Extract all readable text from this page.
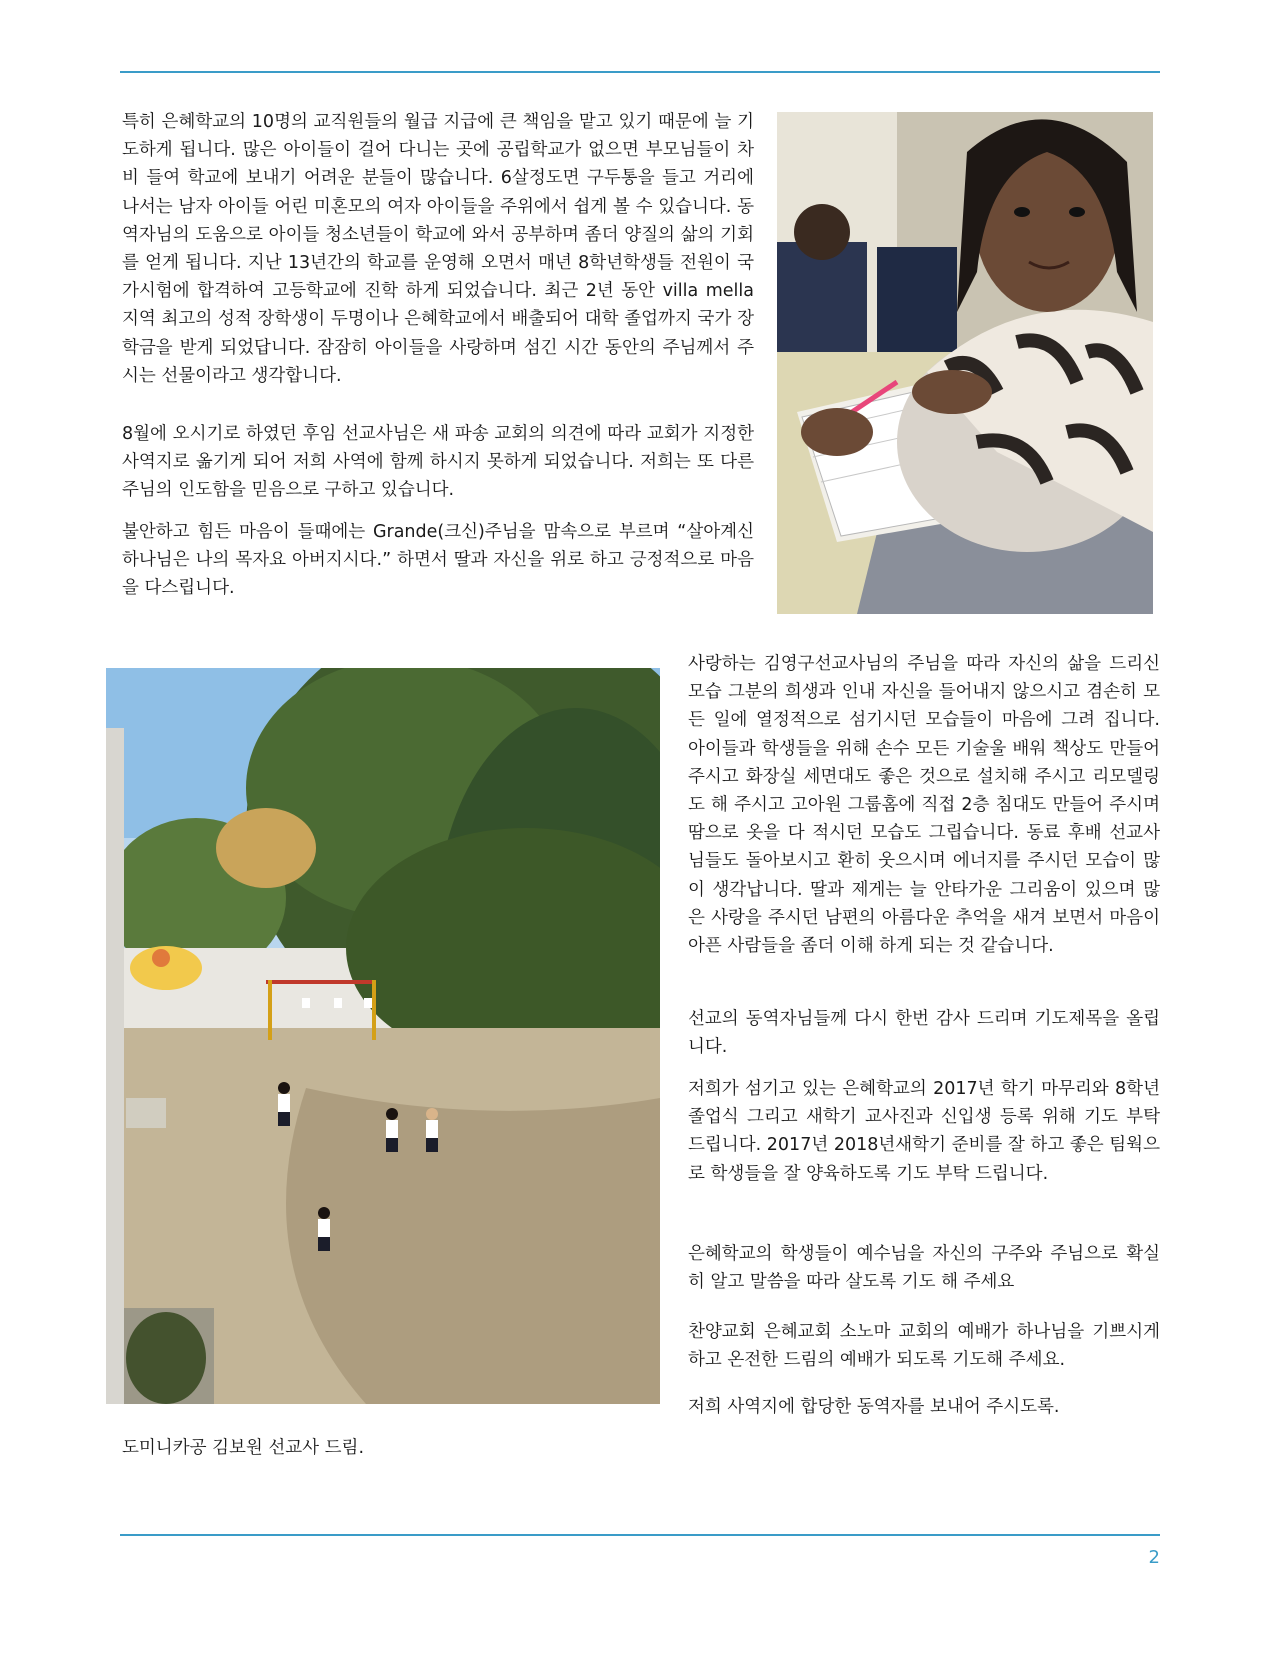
특히 은혜학교의 10명의 교직원들의 월급 지급에 큰 책임을 맡고 있기 때문에 늘 기도하게 됩니다. 많은 아이들이 걸어 다니는 곳에 공립학교가 없으면 부모님들이 차비 들여 학교에 보내기 어려운 분들이 많습니다. 6살정도면 구두통을 들고 거리에 나서는 남자 아이들 어린 미혼모의 여자 아이들을 주위에서 쉽게 볼 수 있습니다. 동역자님의 도움으로 아이들 청소년들이 학교에 와서 공부하며 좀더 양질의 삶의 기회를 얻게 됩니다. 지난 13년간의 학교를 운영해 오면서 매년 8학년학생들 전원이 국가시험에 합격하여 고등학교에 진학 하게 되었습니다. 최근 2년 동안 villa mella 지역 최고의 성적 장학생이 두명이나 은혜학교에서 배출되어 대학 졸업까지 국가 장학금을 받게 되었답니다. 잠잠히 아이들을 사랑하며 섬긴 시간 동안의 주님께서 주시는 선물이라고 생각합니다.

8월에 오시기로 하였던 후임 선교사님은 새 파송 교회의 의견에 따라 교회가 지정한 사역지로 옮기게 되어 저희 사역에 함께 하시지 못하게 되었습니다. 저희는 또 다른 주님의 인도함을 믿음으로 구하고 있습니다.

불안하고 힘든 마음이 들때에는 Grande(크신)주님을 맘속으로 부르며 “살아계신 하나님은 나의 목자요 아버지시다.” 하면서 딸과 자신을 위로 하고 긍정적으로 마음을 다스립니다.

사랑하는 김영구선교사님의 주님을 따라 자신의 삶을 드리신 모습 그분의 희생과 인내 자신을 들어내지 않으시고 겸손히 모든 일에 열정적으로 섬기시던 모습들이 마음에 그려 집니다. 아이들과 학생들을 위해 손수 모든 기술울 배워 책상도 만들어 주시고 화장실 세면대도 좋은 것으로 설치해 주시고 리모델링도 해 주시고 고아원 그룹홈에 직접 2층 침대도 만들어 주시며 땀으로 옷을 다 적시던 모습도 그립습니다. 동료 후배 선교사님들도 돌아보시고 환히 웃으시며 에너지를 주시던 모습이 많이 생각납니다. 딸과 제게는 늘 안타가운 그리움이 있으며 많은 사랑을 주시던 남편의 아름다운 추억을 새겨 보면서 마음이 아픈 사람들을 좀더 이해 하게 되는 것 같습니다.

선교의 동역자님들께 다시 한번 감사 드리며 기도제목을 올립니다.

저희가 섬기고 있는 은혜학교의 2017년 학기 마무리와 8학년 졸업식 그리고 새학기 교사진과 신입생 등록 위해 기도 부탁 드립니다. 2017년 2018년새학기 준비를 잘 하고 좋은 팀웍으로 학생들을 잘 양육하도록 기도 부탁 드립니다.

은혜학교의 학생들이 예수님을 자신의 구주와 주님으로 확실히 알고 말씀을 따라 살도록 기도 해 주세요

찬양교회 은혜교회 소노마 교회의 예배가 하나님을 기쁘시게 하고 온전한 드림의 예배가 되도록 기도해 주세요.

저희 사역지에 합당한 동역자를 보내어 주시도록.

도미니카공 김보원 선교사 드림.

2
